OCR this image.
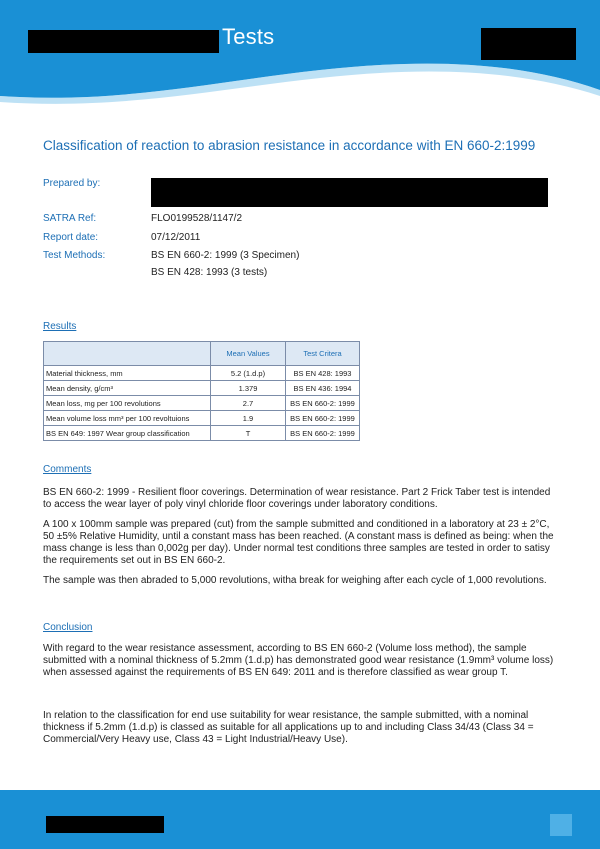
Tests
Classification of reaction to abrasion resistance in accordance with EN 660-2:1999
Prepared by:
SATRA Ref:	FLO0199528/1147/2
Report date:	07/12/2011
Test Methods:	BS EN 660-2: 1999 (3 Specimen)
BS EN 428: 1993 (3 tests)
Results
	Mean Values	Test Critera
Material thickness, mm	5.2 (1.d.p)	BS EN 428: 1993
Mean density, g/cm³	1.379	BS EN 436: 1994
Mean loss, mg per 100 revolutions	2.7	BS EN 660-2: 1999
Mean volume loss mm³ per 100 revoltuions	1.9	BS EN 660-2: 1999
BS EN 649: 1997 Wear group classification	T	BS EN 660-2: 1999
Comments

BS EN 660-2: 1999 - Resilient floor coverings. Determination of wear resistance. Part 2 Frick Taber test is intended to access the wear layer of poly vinyl chloride floor coverings under laboratory conditions.

A 100 x 100mm sample was prepared (cut) from the sample submitted and conditioned in a laboratory at 23 ± 2°C, 50 ±5% Relative Humidity, until a constant mass has been reached. (A constant mass is defined as being: when the mass change is less than 0,002g per day). Under normal test conditions three samples are tested in order to satisy the requirements set out in BS EN 660-2.

The sample was then abraded to 5,000 revolutions, witha break for weighing after each cycle of 1,000 revolutions.

Conclusion

With regard to the wear resistance assessment, according to BS EN 660-2 (Volume loss method), the sample submitted with a nominal thickness of 5.2mm (1.d.p) has demonstrated good wear resistance (1.9mm³ volume loss) when assessed against the requirements of BS EN 649: 2011 and is therefore classified as wear group T.

In relation to the classification for end use suitability for wear resistance, the sample submitted, with a nominal thickness if 5.2mm (1.d.p) is classed as suitable for all applications up to and including Class 34/43 (Class 34 = Commercial/Very Heavy use, Class 43 = Light Industrial/Heavy Use).
